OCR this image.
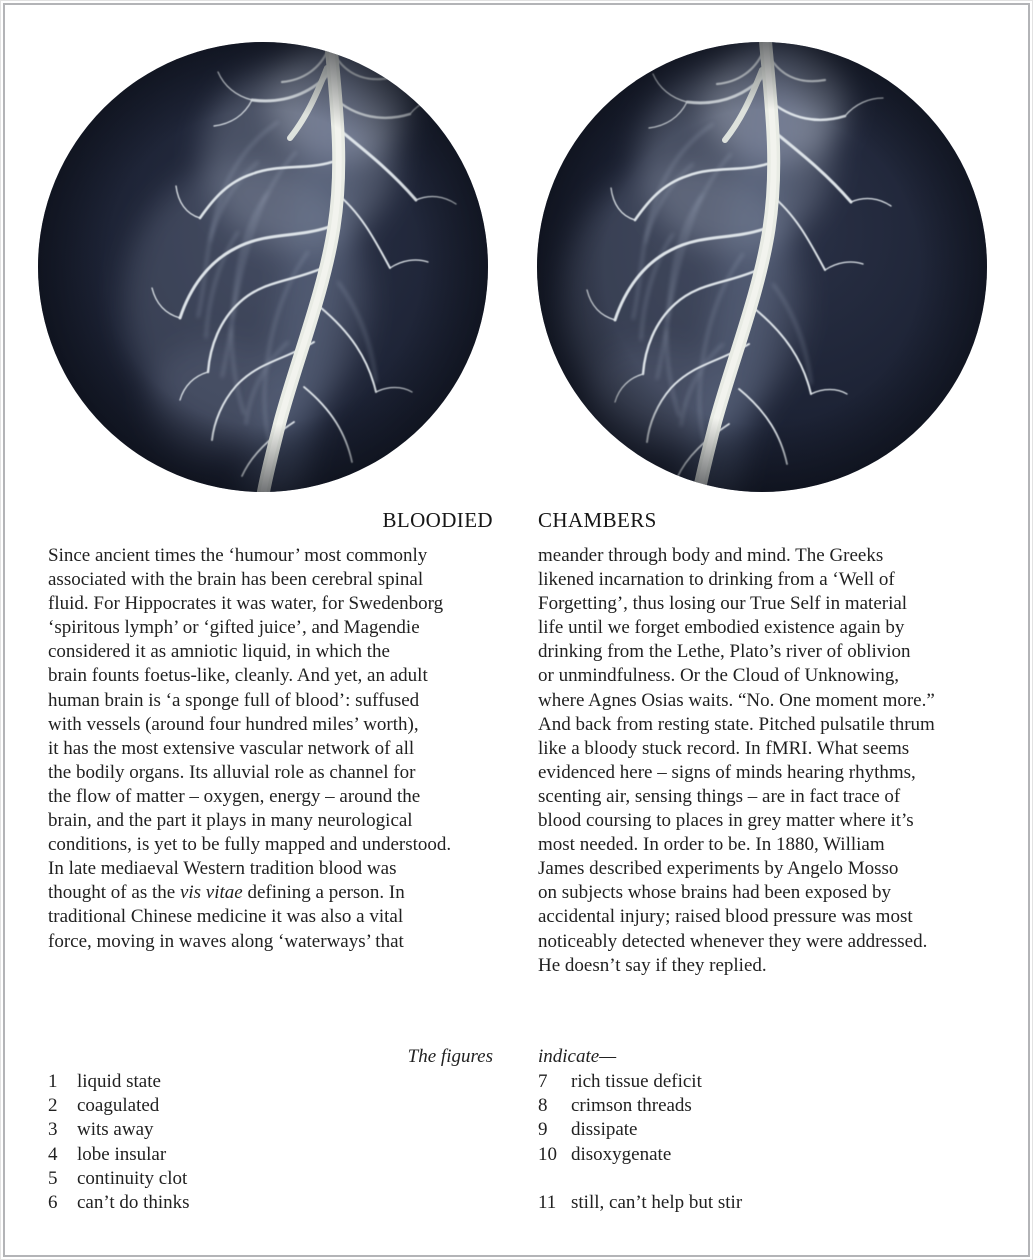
BLOODIED CHAMBERS
Since ancient times the ‘humour’ most commonly
associated with the brain has been cerebral spinal
fluid. For Hippocrates it was water, for Swedenborg
‘spiritous lymph’ or ‘gifted juice’, and Magendie
considered it as amniotic liquid, in which the
brain founts foetus-like, cleanly. And yet, an adult
human brain is ‘a sponge full of blood’: suffused
with vessels (around four hundred miles’ worth),
it has the most extensive vascular network of all
the bodily organs. Its alluvial role as channel for
the flow of matter – oxygen, energy – around the
brain, and the part it plays in many neurological
conditions, is yet to be fully mapped and understood.
In late mediaeval Western tradition blood was
thought of as the vis vitae defining a person. In
traditional Chinese medicine it was also a vital
force, moving in waves along ‘waterways’ that
meander through body and mind. The Greeks
likened incarnation to drinking from a ‘Well of
Forgetting’, thus losing our True Self in material
life until we forget embodied existence again by
drinking from the Lethe, Plato’s river of oblivion
or unmindfulness. Or the Cloud of Unknowing,
where Agnes Osias waits. “No. One moment more.”
And back from resting state. Pitched pulsatile thrum
like a bloody stuck record. In fMRI. What seems
evidenced here – signs of minds hearing rhythms,
scenting air, sensing things – are in fact trace of
blood coursing to places in grey matter where it’s
most needed. In order to be. In 1880, William
James described experiments by Angelo Mosso
on subjects whose brains had been exposed by
accidental injury; raised blood pressure was most
noticeably detected whenever they were addressed.
He doesn’t say if they replied.
The figures indicate—
1	liquid state
2	coagulated
3	wits away
4	lobe insular
5	continuity clot
6	can’t do thinks
7	rich tissue deficit
8	crimson threads
9	dissipate
10 disoxygenate
11 still, can’t help but stir
